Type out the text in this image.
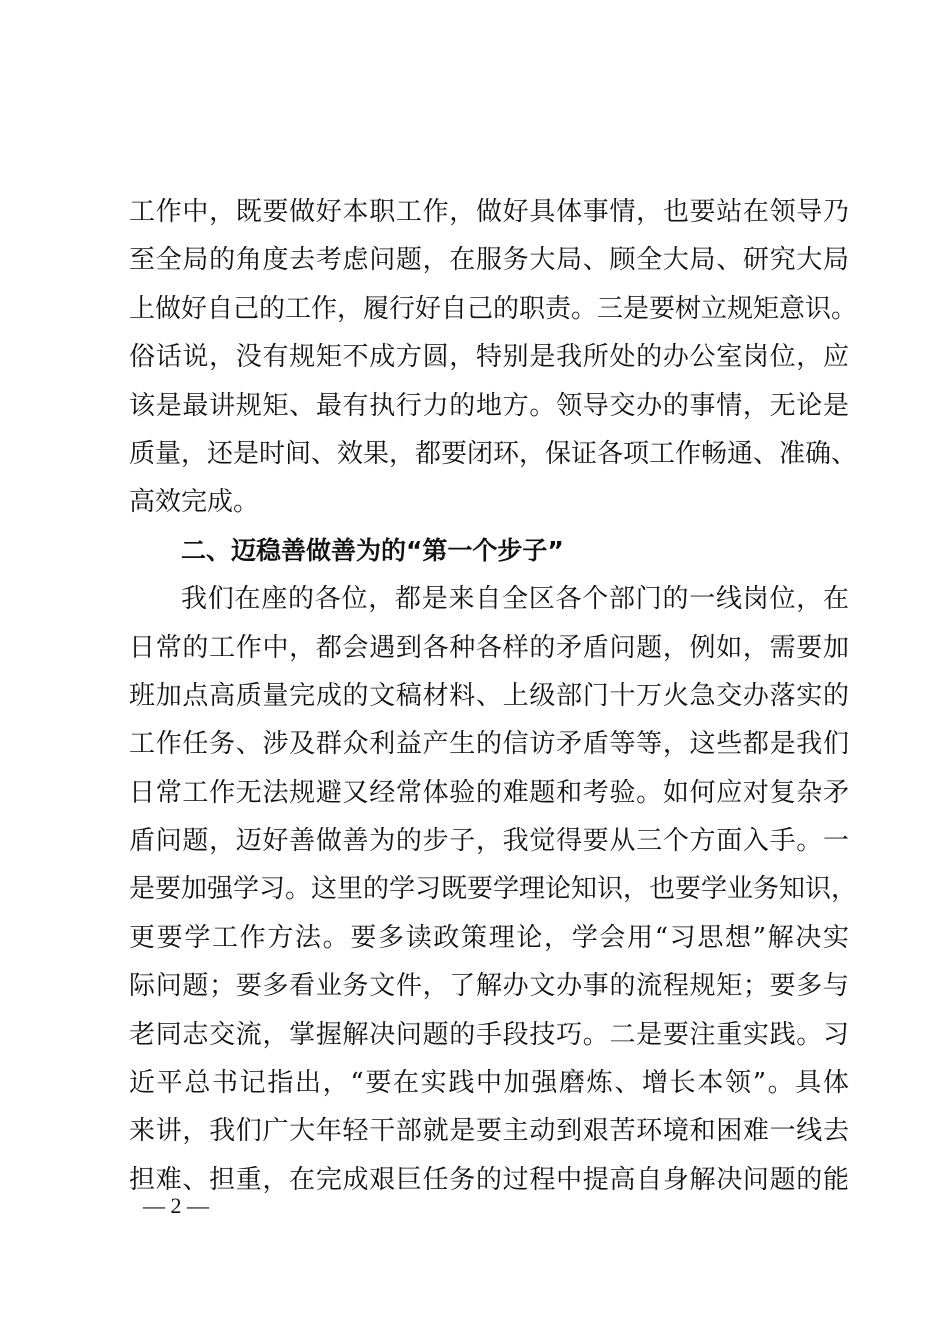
工作中，既要做好本职工作，做好具体事情，也要站在领导乃
至全局的角度去考虑问题，在服务大局、顾全大局、研究大局
上做好自己的工作，履行好自己的职责。三是要树立规矩意识。
俗话说，没有规矩不成方圆，特别是我所处的办公室岗位，应
该是最讲规矩、最有执行力的地方。领导交办的事情，无论是
质量，还是时间、效果，都要闭环，保证各项工作畅通、准确、
高效完成。
二、迈稳善做善为的“第一个步子”
我们在座的各位，都是来自全区各个部门的一线岗位，在
日常的工作中，都会遇到各种各样的矛盾问题，例如，需要加
班加点高质量完成的文稿材料、上级部门十万火急交办落实的
工作任务、涉及群众利益产生的信访矛盾等等，这些都是我们
日常工作无法规避又经常体验的难题和考验。如何应对复杂矛
盾问题，迈好善做善为的步子，我觉得要从三个方面入手。一
是要加强学习。这里的学习既要学理论知识，也要学业务知识，
更要学工作方法。要多读政策理论，学会用“习思想”解决实
际问题；要多看业务文件，了解办文办事的流程规矩；要多与
老同志交流，掌握解决问题的手段技巧。二是要注重实践。习
近平总书记指出，“要在实践中加强磨炼、增长本领”。具体
来讲，我们广大年轻干部就是要主动到艰苦环境和困难一线去
担难、担重，在完成艰巨任务的过程中提高自身解决问题的能
— 2 —
